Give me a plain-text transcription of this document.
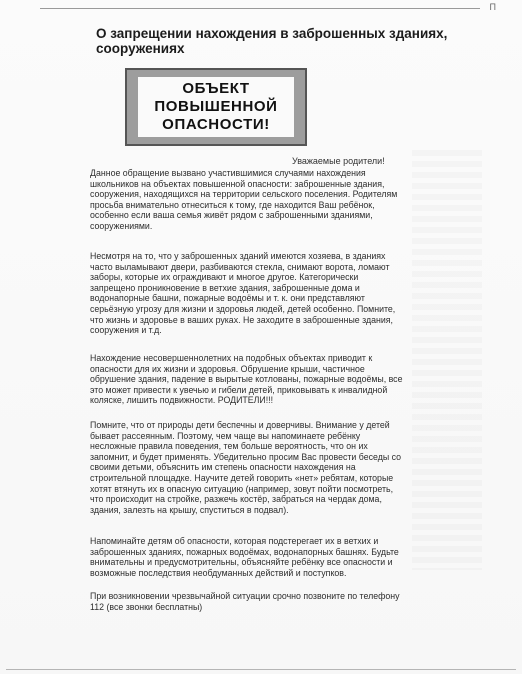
Π
О запрещении нахождения в заброшенных зданиях, сооружениях
ОБЪЕКТ
ПОВЫШЕННОЙ
ОПАСНОСТИ!
Уважаемые родители!

Данное обращение вызвано участившимися случаями нахождения
школьников на объектах повышенной опасности: заброшенные здания,
сооружения, находящихся на территории сельского поселения. Родителям
просьба внимательно отнеситься к тому, где находится Ваш ребёнок,
особенно если ваша семья живёт рядом с заброшенными зданиями,
сооружениями.

Несмотря на то, что у заброшенных зданий имеются хозяева, в зданиях
часто выламывают двери, разбиваются стекла, снимают ворота, ломают
заборы, которые их ограждивают и многое другое. Категорически
запрещено проникновение в ветхие здания, заброшенные дома и
водонапорные башни, пожарные водоёмы и т. к. они представляют
серьёзную угрозу для жизни и здоровья людей, детей особенно. Помните,
что жизнь и здоровье в ваших руках. Не заходите в заброшенные здания,
сооружения и т.д.

Нахождение несовершеннолетних на подобных объектах приводит к
опасности для их жизни и здоровья. Обрушение крыши, частичное
обрушение здания, падение в вырытые котлованы, пожарные водоёмы, все
это может привести к увечью и гибели детей, приковывать к инвалидной
коляске, лишить подвижности. РОДИТЕЛИ!!!

Помните, что от природы дети беспечны и доверчивы. Внимание у детей
бывает рассеянным. Поэтому, чем чаще вы напоминаете ребёнку
несложные правила поведения, тем больше вероятность, что он их
запомнит, и будет применять. Убедительно просим Вас провести беседы со
своими детьми, объяснить им степень опасности нахождения на
строительной площадке. Научите детей говорить «нет» ребятам, которые
хотят втянуть их в опасную ситуацию (например, зовут пойти посмотреть,
что происходит на стройке, разжечь костёр, забраться на чердак дома,
здания, залезть на крышу, спуститься в подвал).

Напоминайте детям об опасности, которая подстерегает их в ветхих и
заброшенных зданиях, пожарных водоёмах, водонапорных башнях. Будьте
внимательны и предусмотрительны, объясняйте ребёнку все опасности и
возможные последствия необдуманных действий и поступков.

При возникновении чрезвычайной ситуации срочно позвоните по телефону
112 (все звонки бесплатны)
